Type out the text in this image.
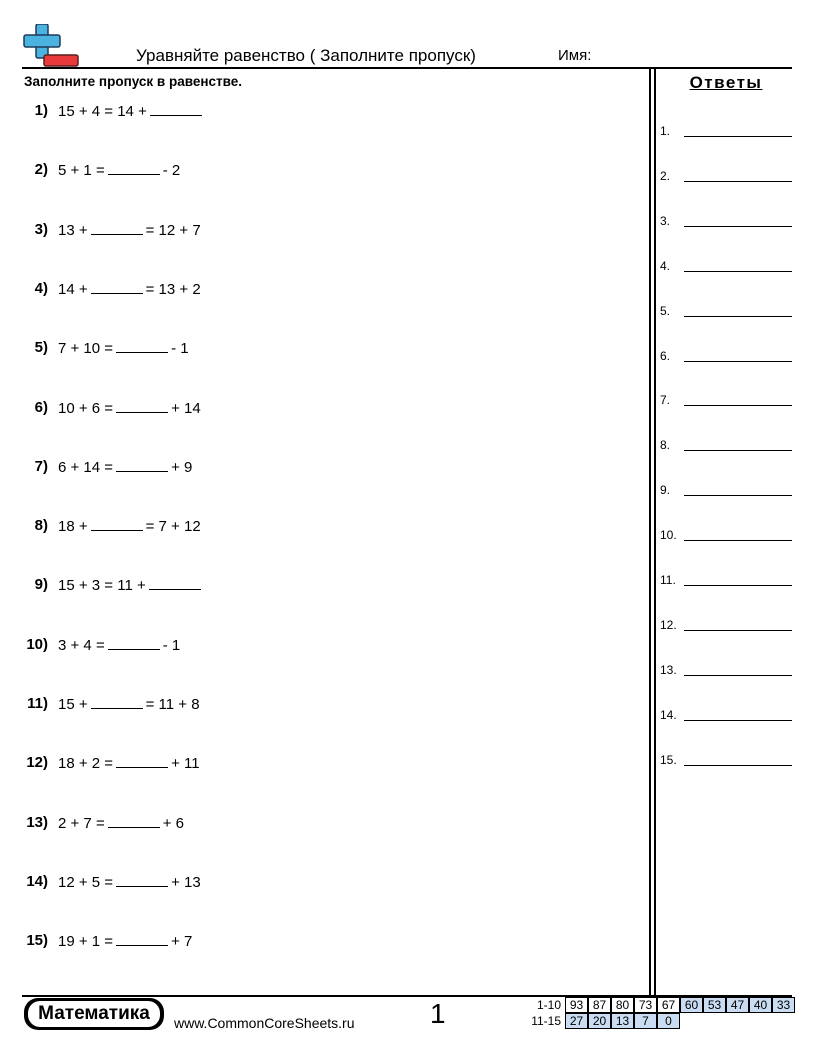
Уравняйте равенство ( Заполните пропуск)	Имя:
Заполните пропуск в равенстве.
1) 15 + 4 = 14 +
2) 5 + 1 =	- 2
3) 13 +	= 12 + 7
4) 14 +	= 13 + 2
5) 7 + 10 =	- 1
6) 10 + 6 =	+ 14
7) 6 + 14 =	+ 9
8) 18 +	= 7 + 12
9) 15 + 3 = 11 +
10) 3 + 4 =	- 1
11) 15 +	= 11 + 8
12) 18 + 2 =	+ 11
13) 2 + 7 =	+ 6
14) 12 + 5 =	+ 13
15) 19 + 1 =	+ 7
Ответы
1.
2.
3.
4.
5.
6.
7.
8.
9.
10.
11.
12.
13.
14.
15.
Математика	www.CommonCoreSheets.ru	1	1-10 93 87 80 73 67 60 53 47 40 33
11-15 27 20 13	7	0
